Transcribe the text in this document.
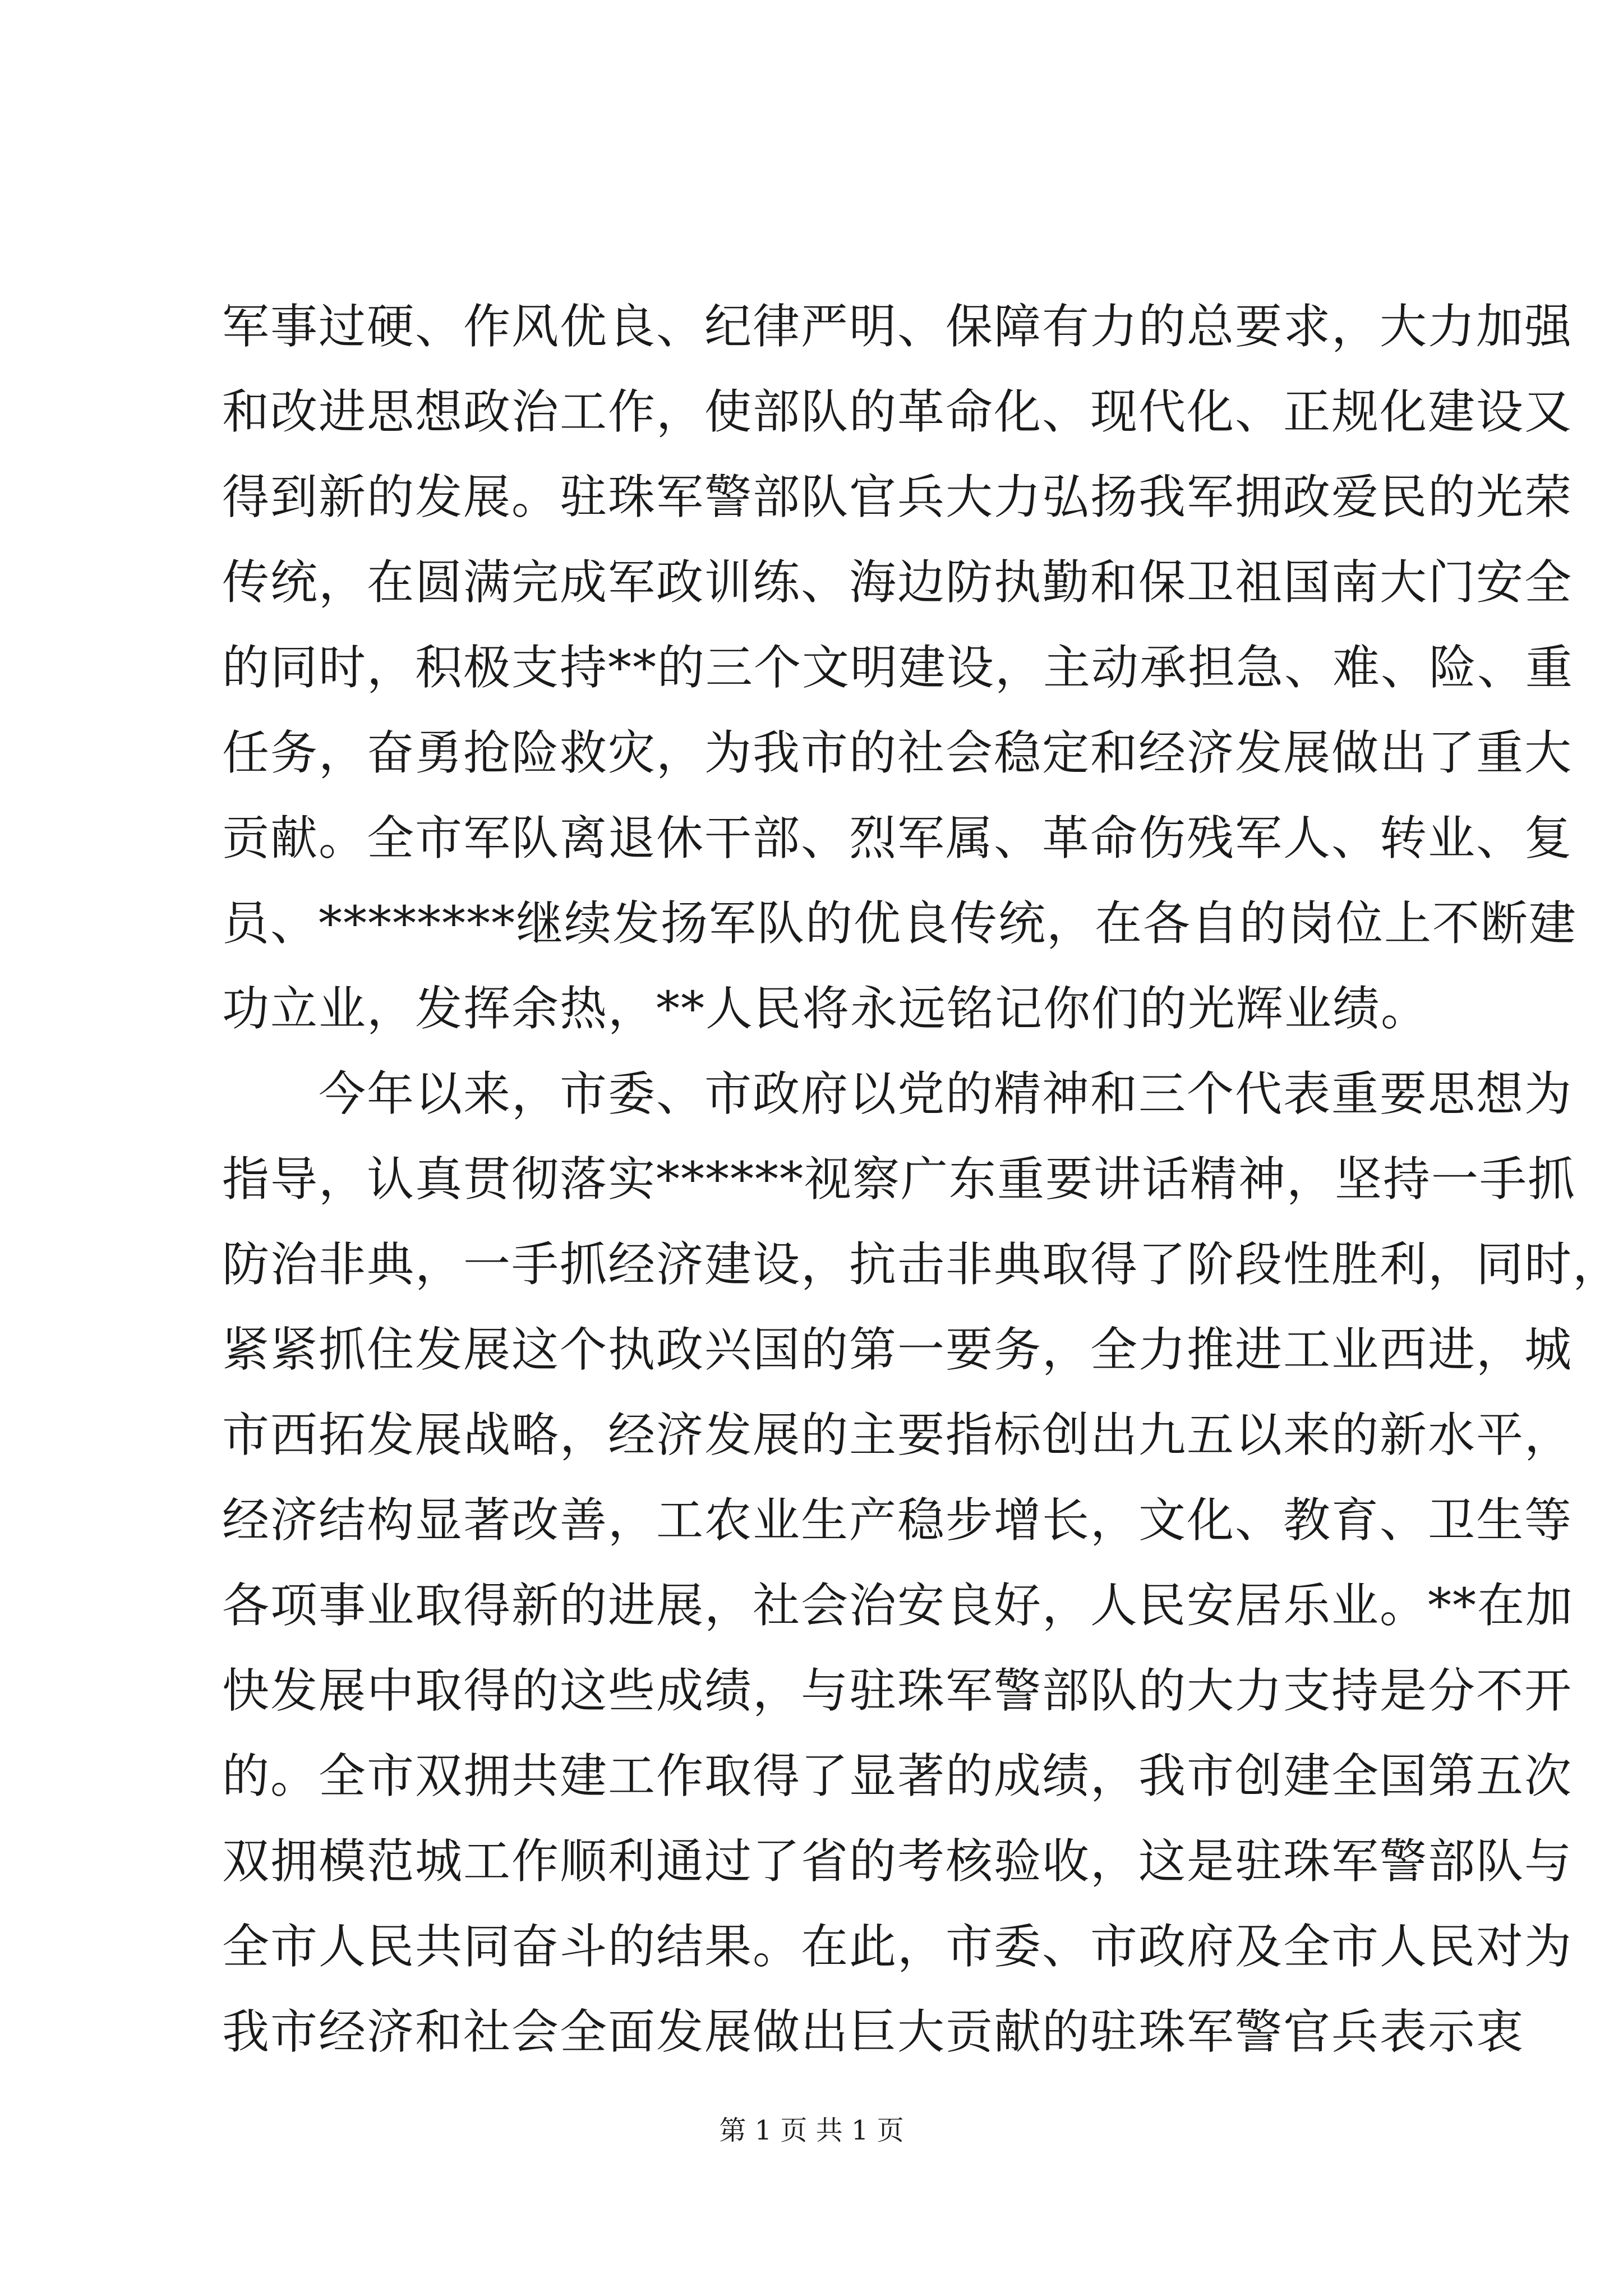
军事过硬、作风优良、纪律严明、保障有力的总要求，大力加强
和改进思想政治工作，使部队的革命化、现代化、正规化建设又
得到新的发展。驻珠军警部队官兵大力弘扬我军拥政爱民的光荣
传统，在圆满完成军政训练、海边防执勤和保卫祖国南大门安全
的同时，积极支持**的三个文明建设，主动承担急、难、险、重
任务，奋勇抢险救灾，为我市的社会稳定和经济发展做出了重大
贡献。全市军队离退休干部、烈军属、革命伤残军人、转业、复
员、********继续发扬军队的优良传统，在各自的岗位上不断建
功立业，发挥余热，**人民将永远铭记你们的光辉业绩。
　　今年以来，市委、市政府以党的精神和三个代表重要思想为
指导，认真贯彻落实******视察广东重要讲话精神，坚持一手抓
防治非典，一手抓经济建设，抗击非典取得了阶段性胜利，同时，
紧紧抓住发展这个执政兴国的第一要务，全力推进工业西进，城
市西拓发展战略，经济发展的主要指标创出九五以来的新水平，
经济结构显著改善，工农业生产稳步增长，文化、教育、卫生等
各项事业取得新的进展，社会治安良好，人民安居乐业。**在加
快发展中取得的这些成绩，与驻珠军警部队的大力支持是分不开
的。全市双拥共建工作取得了显著的成绩，我市创建全国第五次
双拥模范城工作顺利通过了省的考核验收，这是驻珠军警部队与
全市人民共同奋斗的结果。在此，市委、市政府及全市人民对为
我市经济和社会全面发展做出巨大贡献的驻珠军警官兵表示衷
第 1 页 共 1 页
